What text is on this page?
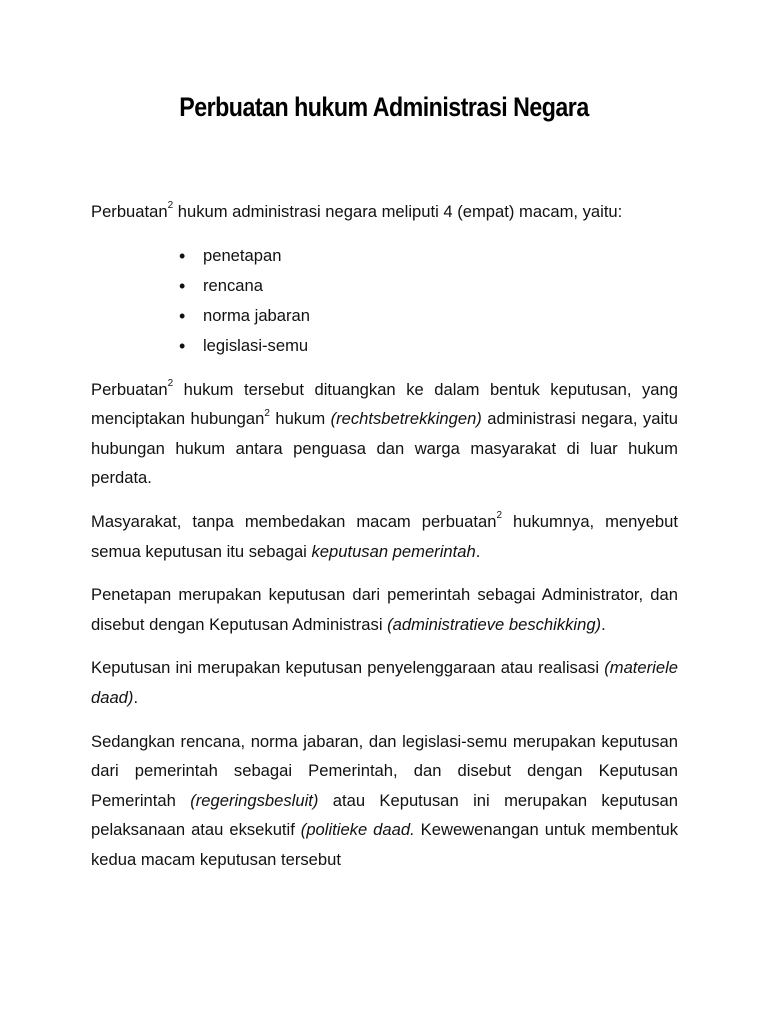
Perbuatan hukum Administrasi Negara

Perbuatan$^2$ hukum administrasi negara meliputi 4 (empat) macam, yaitu:

• penetapan
• rencana
• norma jabaran
• legislasi-semu

Perbuatan$^2$ hukum tersebut dituangkan ke dalam bentuk keputusan, yang menciptakan hubungan$^2$ hukum (rechtsbetrekkingen) administrasi negara, yaitu hubungan hukum antara penguasa dan warga masyarakat di luar hukum perdata.

Masyarakat, tanpa membedakan macam perbuatan$^2$ hukumnya, menyebut semua keputusan itu sebagai keputusan pemerintah.

Penetapan merupakan keputusan dari pemerintah sebagai Administrator, dan disebut dengan Keputusan Administrasi (administratieve beschikking).

Keputusan ini merupakan keputusan penyelenggaraan atau realisasi (materiele daad).

Sedangkan rencana, norma jabaran, dan legislasi-semu merupakan keputusan dari pemerintah sebagai Pemerintah, dan disebut dengan Keputusan Pemerintah (regeringsbesluit) atau Keputusan ini merupakan keputusan pelaksanaan atau eksekutif (politieke daad. Kewewenangan untuk membentuk kedua macam keputusan tersebut
